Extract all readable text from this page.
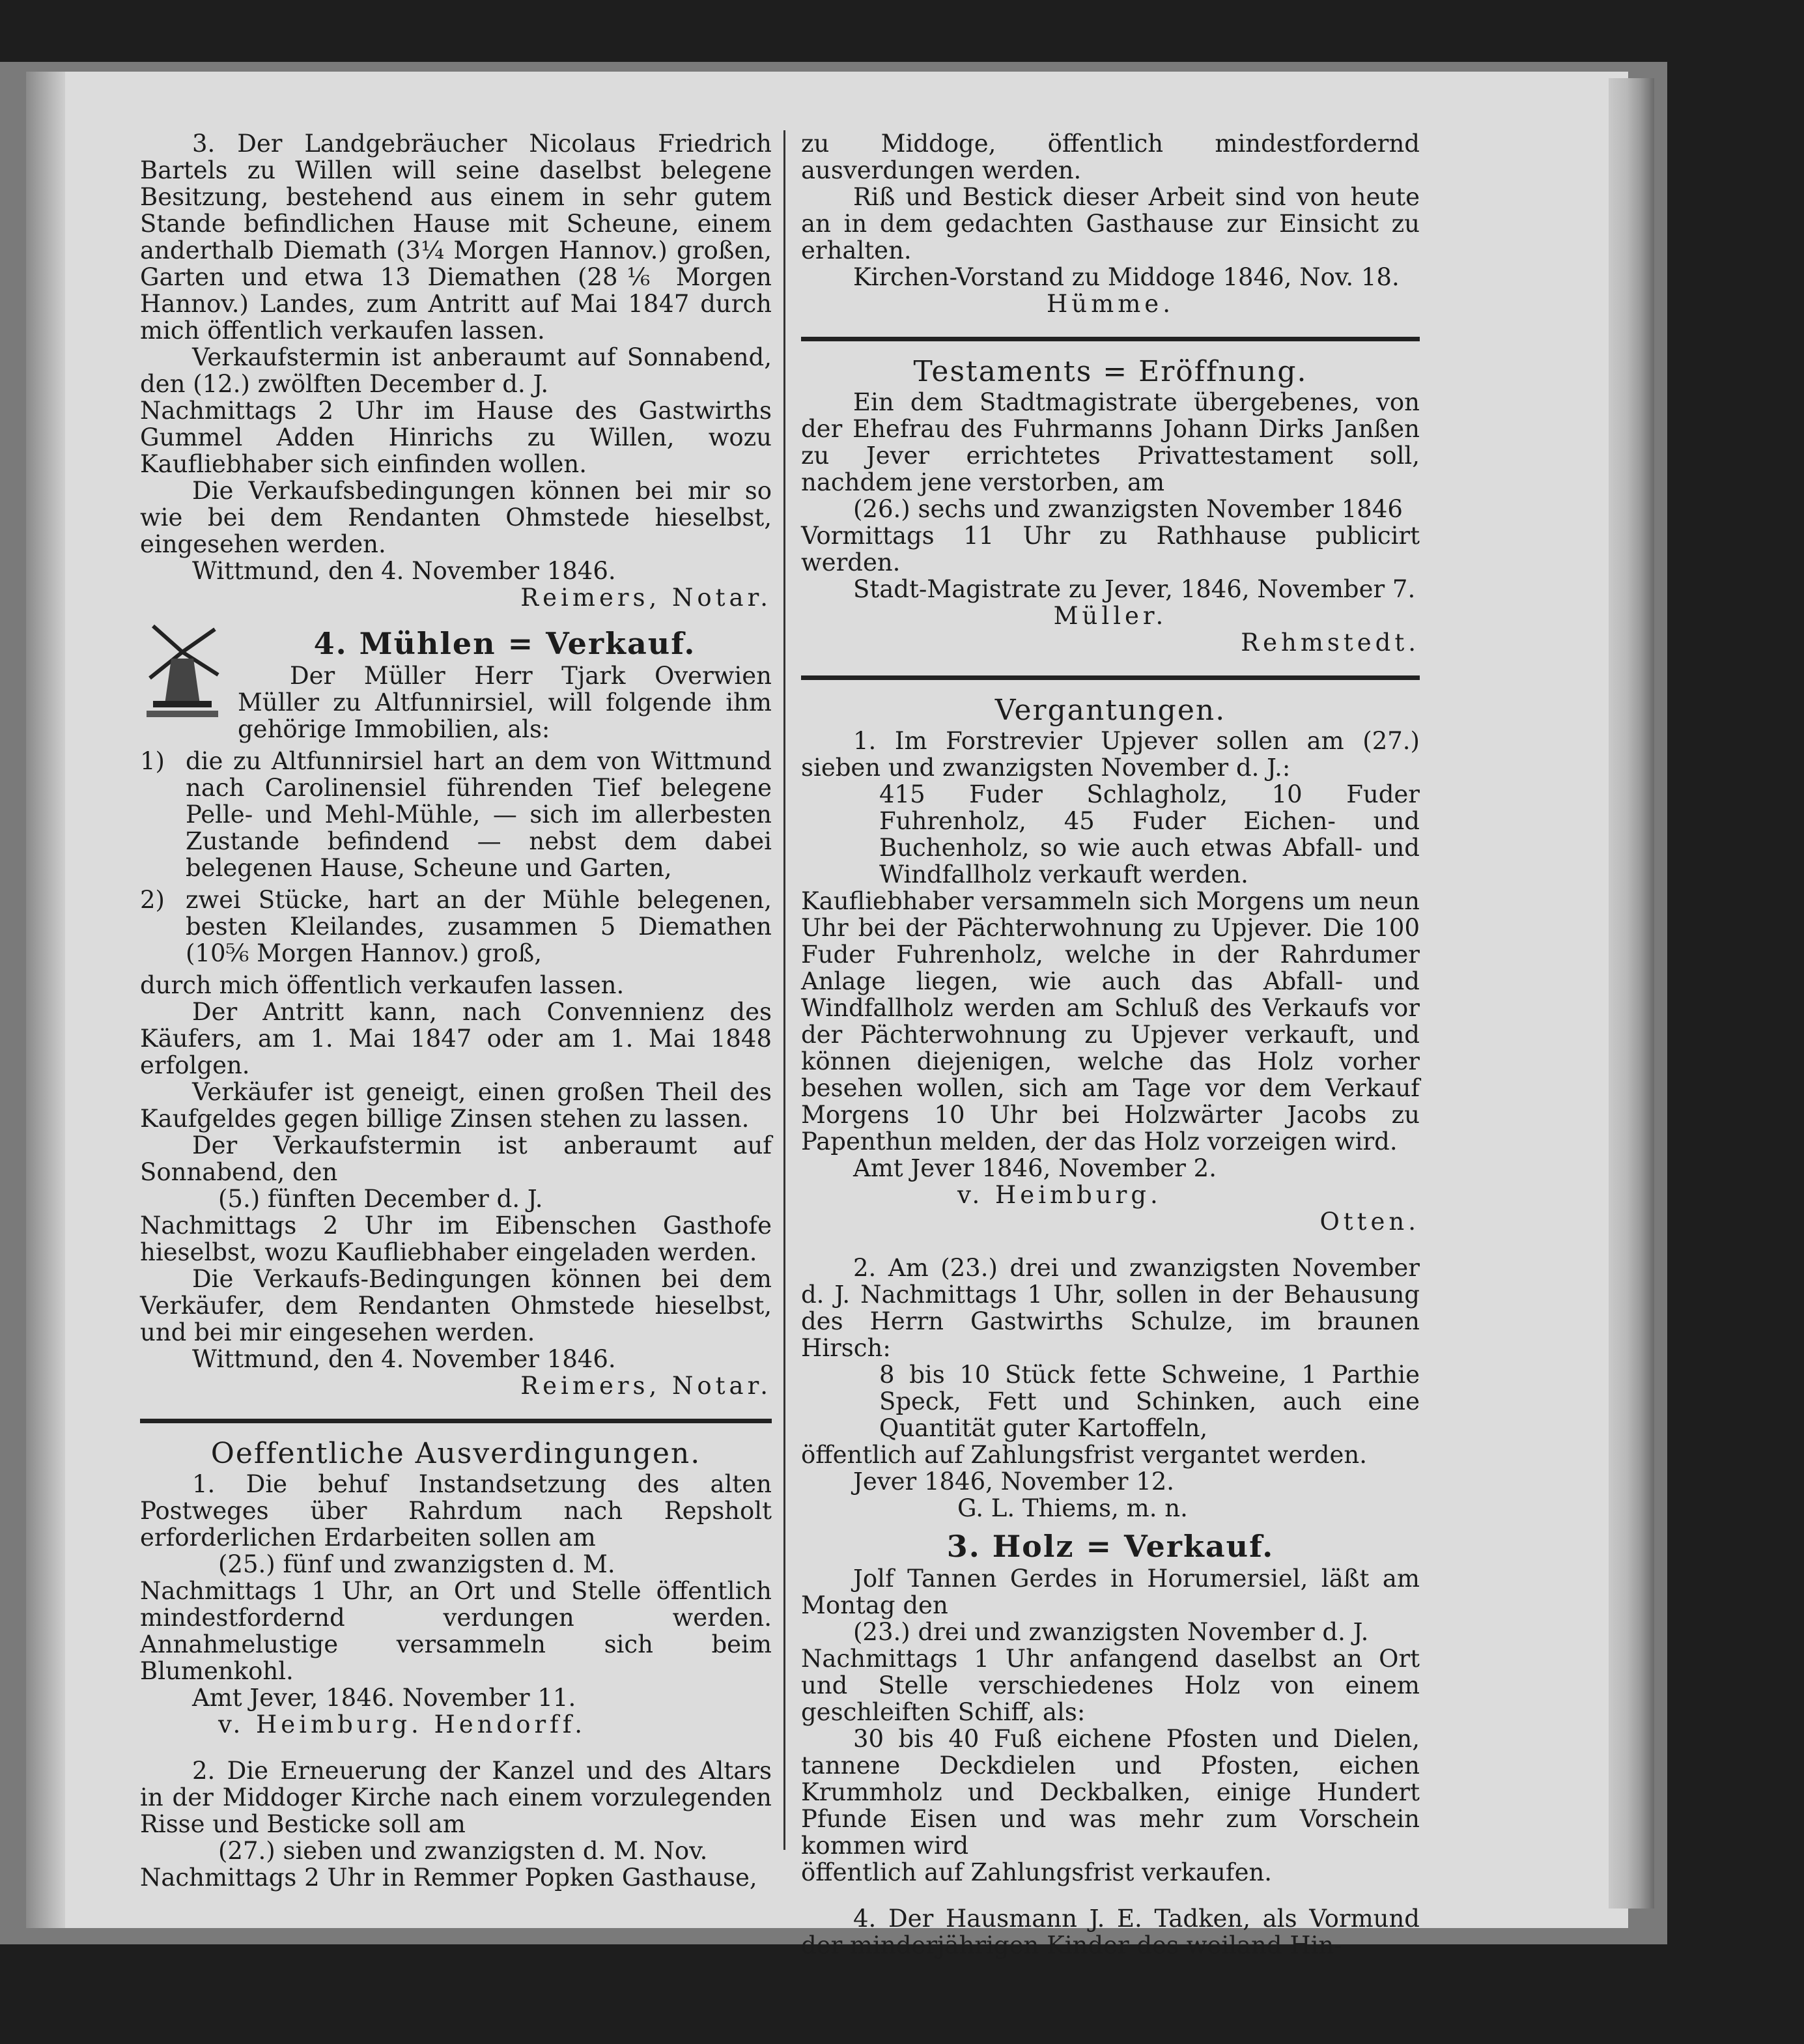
3. Der Landgebräucher Nicolaus Friedrich Bartels zu Willen will seine daselbst belegene Besitzung, bestehend aus einem in sehr gutem Stande befindlichen Hause mit Scheune, einem anderthalb Diemath (3¼ Morgen Hannov.) großen, Garten und etwa 13 Diemathen (28⅙ Morgen Hannov.) Landes, zum Antritt auf Mai 1847 durch mich öffentlich verkaufen lassen.

Verkaufstermin ist anberaumt auf Sonnabend, den (12.) zwölften December d. J.

Nachmittags 2 Uhr im Hause des Gastwirths Gummel Adden Hinrichs zu Willen, wozu Kaufliebhaber sich einfinden wollen.

Die Verkaufsbedingungen können bei mir so wie bei dem Rendanten Ohmstede hieselbst, eingesehen werden.

Wittmund, den 4. November 1846.

Reimers, Notar.

4. Mühlen = Verkauf.

Der Müller Herr Tjark Overwien Müller zu Altfunnirsiel, will folgende ihm gehörige Immobilien, als:

1) die zu Altfunnirsiel hart an dem von Wittmund nach Carolinensiel führenden Tief belegene Pelle- und Mehl-Mühle, — sich im allerbesten Zustande befindend — nebst dem dabei belegenen Hause, Scheune und Garten,
2) zwei Stücke, hart an der Mühle belegenen, besten Kleilandes, zusammen 5 Diemathen (10⅚ Morgen Hannov.) groß,

durch mich öffentlich verkaufen lassen.

Der Antritt kann, nach Convennienz des Käufers, am 1. Mai 1847 oder am 1. Mai 1848 erfolgen.

Verkäufer ist geneigt, einen großen Theil des Kaufgeldes gegen billige Zinsen stehen zu lassen.

Der Verkaufstermin ist anberaumt auf Sonnabend, den

(5.) fünften December d. J.

Nachmittags 2 Uhr im Eibenschen Gasthofe hieselbst, wozu Kaufliebhaber eingeladen werden.

Die Verkaufs-Bedingungen können bei dem Verkäufer, dem Rendanten Ohmstede hieselbst, und bei mir eingesehen werden.

Wittmund, den 4. November 1846.

Reimers, Notar.

Oeffentliche Ausverdingungen.

1. Die behuf Instandsetzung des alten Postweges über Rahrdum nach Repsholt erforderlichen Erdarbeiten sollen am

(25.) fünf und zwanzigsten d. M.

Nachmittags 1 Uhr, an Ort und Stelle öffentlich mindestfordernd verdungen werden. Annahmelustige versammeln sich beim Blumenkohl.

Amt Jever, 1846. November 11.

v. Heimburg. Hendorff.

2. Die Erneuerung der Kanzel und des Altars in der Middoger Kirche nach einem vorzulegenden Risse und Besticke soll am

(27.) sieben und zwanzigsten d. M. Nov.

Nachmittags 2 Uhr in Remmer Popken Gasthause,

zu Middoge, öffentlich mindestfordernd ausverdungen werden.

Riß und Bestick dieser Arbeit sind von heute an in dem gedachten Gasthause zur Einsicht zu erhalten.

Kirchen-Vorstand zu Middoge 1846, Nov. 18.

Hümme.

Testaments = Eröffnung.

Ein dem Stadtmagistrate übergebenes, von der Ehefrau des Fuhrmanns Johann Dirks Janßen zu Jever errichtetes Privattestament soll, nachdem jene verstorben, am

(26.) sechs und zwanzigsten November 1846

Vormittags 11 Uhr zu Rathhause publicirt werden.

Stadt-Magistrate zu Jever, 1846, November 7.

Müller.

Rehmstedt.
Vergantungen.

1. Im Forstrevier Upjever sollen am (27.) sieben und zwanzigsten November d. J.:

415 Fuder Schlagholz, 10 Fuder Fuhrenholz, 45 Fuder Eichen- und Buchenholz, so wie auch etwas Abfall- und Windfallholz verkauft werden.

Kaufliebhaber versammeln sich Morgens um neun Uhr bei der Pächterwohnung zu Upjever. Die 100 Fuder Fuhrenholz, welche in der Rahrdumer Anlage liegen, wie auch das Abfall- und Windfallholz werden am Schluß des Verkaufs vor der Pächterwohnung zu Upjever verkauft, und können diejenigen, welche das Holz vorher besehen wollen, sich am Tage vor dem Verkauf Morgens 10 Uhr bei Holzwärter Jacobs zu Papenthun melden, der das Holz vorzeigen wird.

Amt Jever 1846, November 2.

v. Heimburg.

Otten.

2. Am (23.) drei und zwanzigsten November d. J. Nachmittags 1 Uhr, sollen in der Behausung des Herrn Gastwirths Schulze, im braunen Hirsch:

8 bis 10 Stück fette Schweine, 1 Parthie Speck, Fett und Schinken, auch eine Quantität guter Kartoffeln,

öffentlich auf Zahlungsfrist vergantet werden.

Jever 1846, November 12.

G. L. Thiems, m. n.

3. Holz = Verkauf.

Jolf Tannen Gerdes in Horumersiel, läßt am Montag den

(23.) drei und zwanzigsten November d. J.

Nachmittags 1 Uhr anfangend daselbst an Ort und Stelle verschiedenes Holz von einem geschleiften Schiff, als:

30 bis 40 Fuß eichene Pfosten und Dielen, tannene Deckdielen und Pfosten, eichen Krummholz und Deckbalken, einige Hundert Pfunde Eisen und was mehr zum Vorschein kommen wird

öffentlich auf Zahlungsfrist verkaufen.

4. Der Hausmann J. E. Tadken, als Vormund der minderjährigen Kinder des weiland Hin-
